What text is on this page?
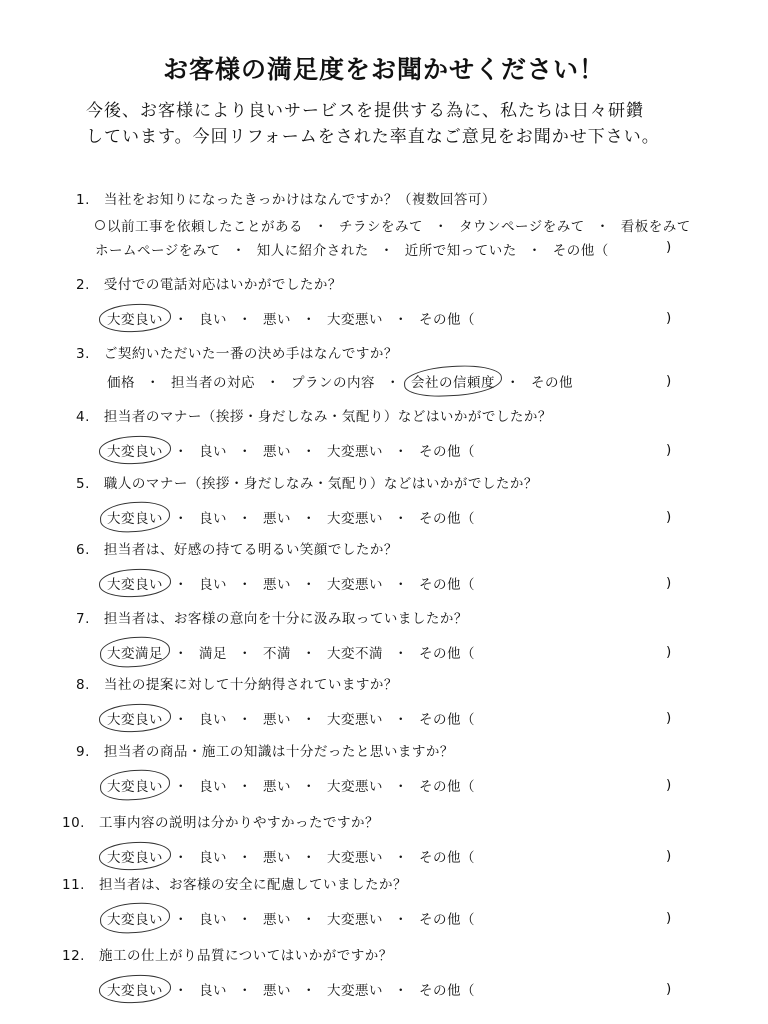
お客様の満足度をお聞かせください！
今後、お客様により良いサービスを提供する為に、私たちは日々研鑽
しています。今回リフォームをされた率直なご意見をお聞かせ下さい。
1.　当社をお知りになったきっかけはなんですか？（複数回答可）
以前工事を依頼したことがある ・ チラシをみて ・ タウンページをみて ・ 看板をみて
ホームページをみて ・ 知人に紹介された ・ 近所で知っていた ・ その他（	)
2.　受付での電話対応はいかがでしたか？
大変良い ・ 良い ・ 悪い ・ 大変悪い ・ その他（	)
3.　ご契約いただいた一番の決め手はなんですか？
価格 ・ 担当者の対応 ・ プランの内容 ・ 会社の信頼度 ・ その他	)
4.　担当者のマナー（挨拶・身だしなみ・気配り）などはいかがでしたか？
大変良い ・ 良い ・ 悪い ・ 大変悪い ・ その他（	)
5.　職人のマナー（挨拶・身だしなみ・気配り）などはいかがでしたか？
大変良い ・ 良い ・ 悪い ・ 大変悪い ・ その他（	)
6.　担当者は、好感の持てる明るい笑顔でしたか？
大変良い ・ 良い ・ 悪い ・ 大変悪い ・ その他（	)
7.　担当者は、お客様の意向を十分に汲み取っていましたか？
大変満足 ・ 満足 ・ 不満 ・ 大変不満 ・ その他（	)
8.　当社の提案に対して十分納得されていますか？
大変良い ・ 良い ・ 悪い ・ 大変悪い ・ その他（	)
9.　担当者の商品・施工の知識は十分だったと思いますか？
大変良い ・ 良い ・ 悪い ・ 大変悪い ・ その他（	)
10.　工事内容の説明は分かりやすかったですか？
大変良い ・ 良い ・ 悪い ・ 大変悪い ・ その他（	)
11.　担当者は、お客様の安全に配慮していましたか？
大変良い ・ 良い ・ 悪い ・ 大変悪い ・ その他（	)
12.　施工の仕上がり品質についてはいかがですか？
大変良い ・ 良い ・ 悪い ・ 大変悪い ・ その他（	)
